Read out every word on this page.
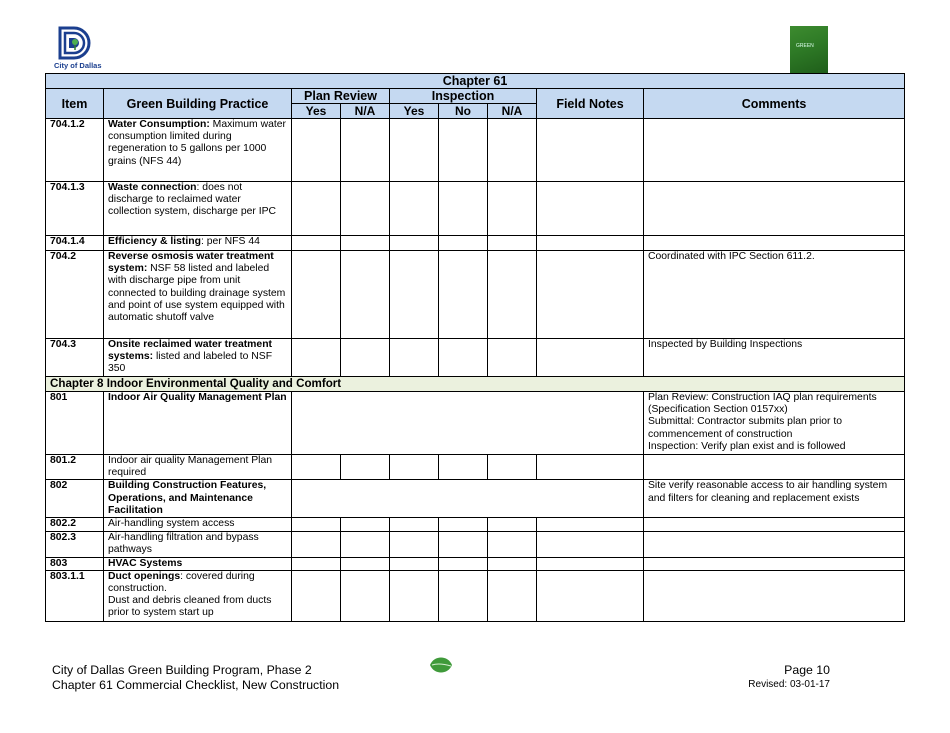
City of Dallas
GREEN
Chapter 61								
Item	Green Building Practice	Plan Review		Inspection			Field Notes	Comments
		Yes	N/A	Yes	No	N/A		
704.1.2	Water Consumption: Maximum water consumption limited during regeneration to 5 gallons per 1000 grains (NFS 44)							
704.1.3	Waste connection: does not discharge to reclaimed water collection system, discharge per IPC							
704.1.4	Efficiency & listing: per NFS 44							
704.2	Reverse osmosis water treatment system: NSF 58 listed and labeled with discharge pipe from unit connected to building drainage system and point of use system equipped with automatic shutoff valve							Coordinated with IPC Section 611.2.
704.3	Onsite reclaimed water treatment systems: listed and labeled to NSF 350							Inspected by Building Inspections
Chapter 8 Indoor Environmental Quality and Comfort								
801	Indoor Air Quality Management Plan							Plan Review: Construction IAQ plan requirements (Specification Section 0157xx)
Submittal: Contractor submits plan prior to commencement of construction
Inspection: Verify plan exist and is followed
801.2	Indoor air quality Management Plan required							
802	Building Construction Features, Operations, and Maintenance Facilitation							Site verify reasonable access to air handling system and filters for cleaning and replacement exists
802.2	Air-handling system access							
802.3	Air-handling filtration and bypass pathways							
803	HVAC Systems							
803.1.1	Duct openings: covered during construction.
Dust and debris cleaned from ducts prior to system start up							
City of Dallas Green Building Program, Phase 2
Chapter 61 Commercial Checklist, New Construction
Page 10
Revised: 03-01-17
